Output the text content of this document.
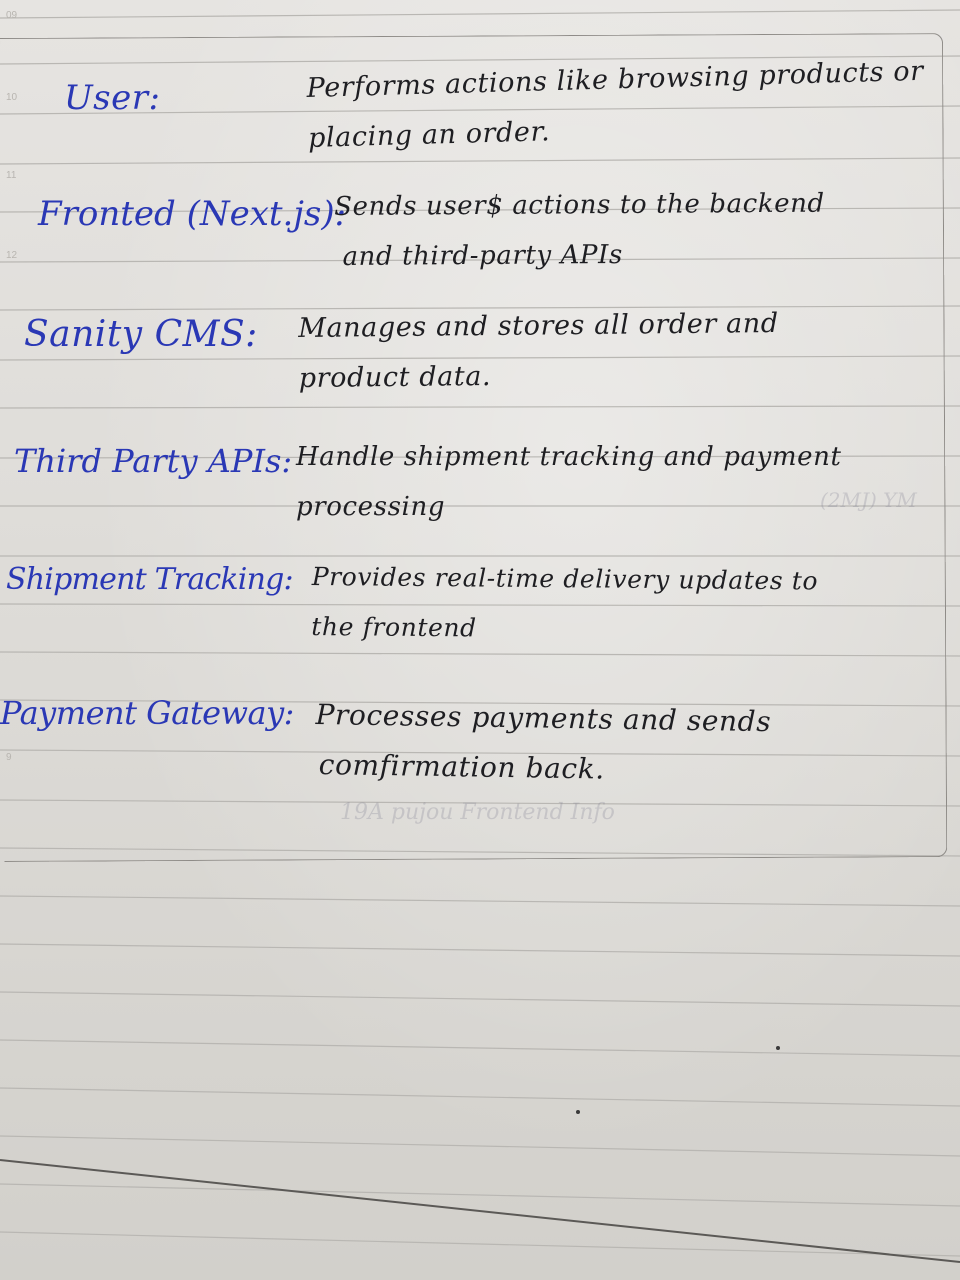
09
10
11
12
9
(2MJ) YM
19A pujou Frontend Info
User:	Performs actions like browsing products or
placing an order.
Fronted (Next.js):
Sends user$ actions to the backend
and third-party APIs
Sanity CMS: Manages and stores all order and
product data.
Third Party APIs: Handle shipment tracking and payment
processing
Shipment Tracking: Provides real-time delivery updates to
the frontend
Payment Gateway: Processes payments and sends
comfirmation back.
